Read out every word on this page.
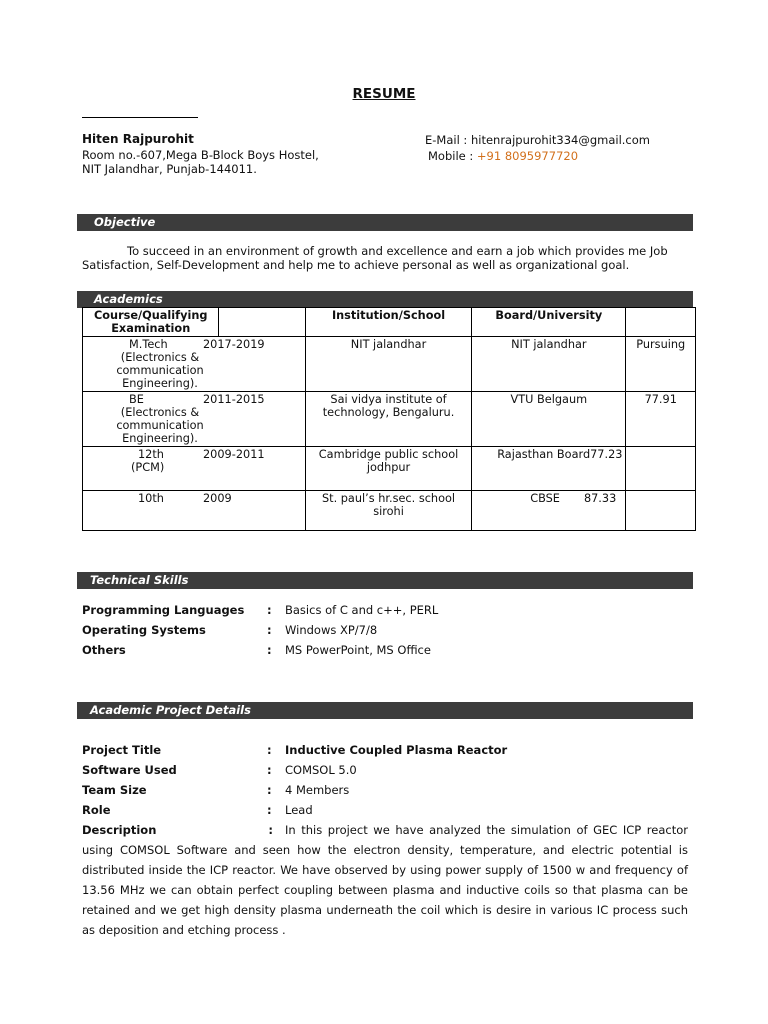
RESUME
Hiten Rajpurohit
Room no.-607,Mega B-Block Boys Hostel,
NIT Jalandhar, Punjab-144011.
E-Mail : hitenrajpurohit334@gmail.com
Mobile : +91 8095977720
Objective
To succeed in an environment of growth and excellence and earn a job which provides me Job Satisfaction, Self-Development and help me to achieve personal as well as organizational goal.
Academics
Course/Qualifying Examination		Institution/School	Board/University	

M.Tech 2017-2019
(Electronics & communication Engineering).		NIT jalandhar	NIT jalandhar	Pursuing

BE 2011-2015
(Electronics & communication Engineering).		Sai vidya institute of technology, Bengaluru.	VTU Belgaum	77.91

12th 2009-2011
(PCM)		Cambridge public school jodhpur	Rajasthan Board77.23	

10th 2009		St. paul’s hr.sec. school sirohi	CBSE 87.33	
Technical Skills
Programming Languages : Basics of C and c++, PERL
Operating Systems	: Windows XP/7/8
Others	: MS PowerPoint, MS Office
Academic Project Details
Project Title	: Inductive Coupled Plasma Reactor
Software Used	: COMSOL 5.0
Team Size	: 4 Members
Role	: Lead
Description	: In this project we have analyzed the simulation of GEC ICP reactor using COMSOL Software and seen how the electron density, temperature, and electric potential is distributed inside the ICP reactor. We have observed by using power supply of 1500 w and frequency of 13.56 MHz we can obtain perfect coupling between plasma and inductive coils so that plasma can be retained and we get high density plasma underneath the coil which is desire in various IC process such as deposition and etching process .
